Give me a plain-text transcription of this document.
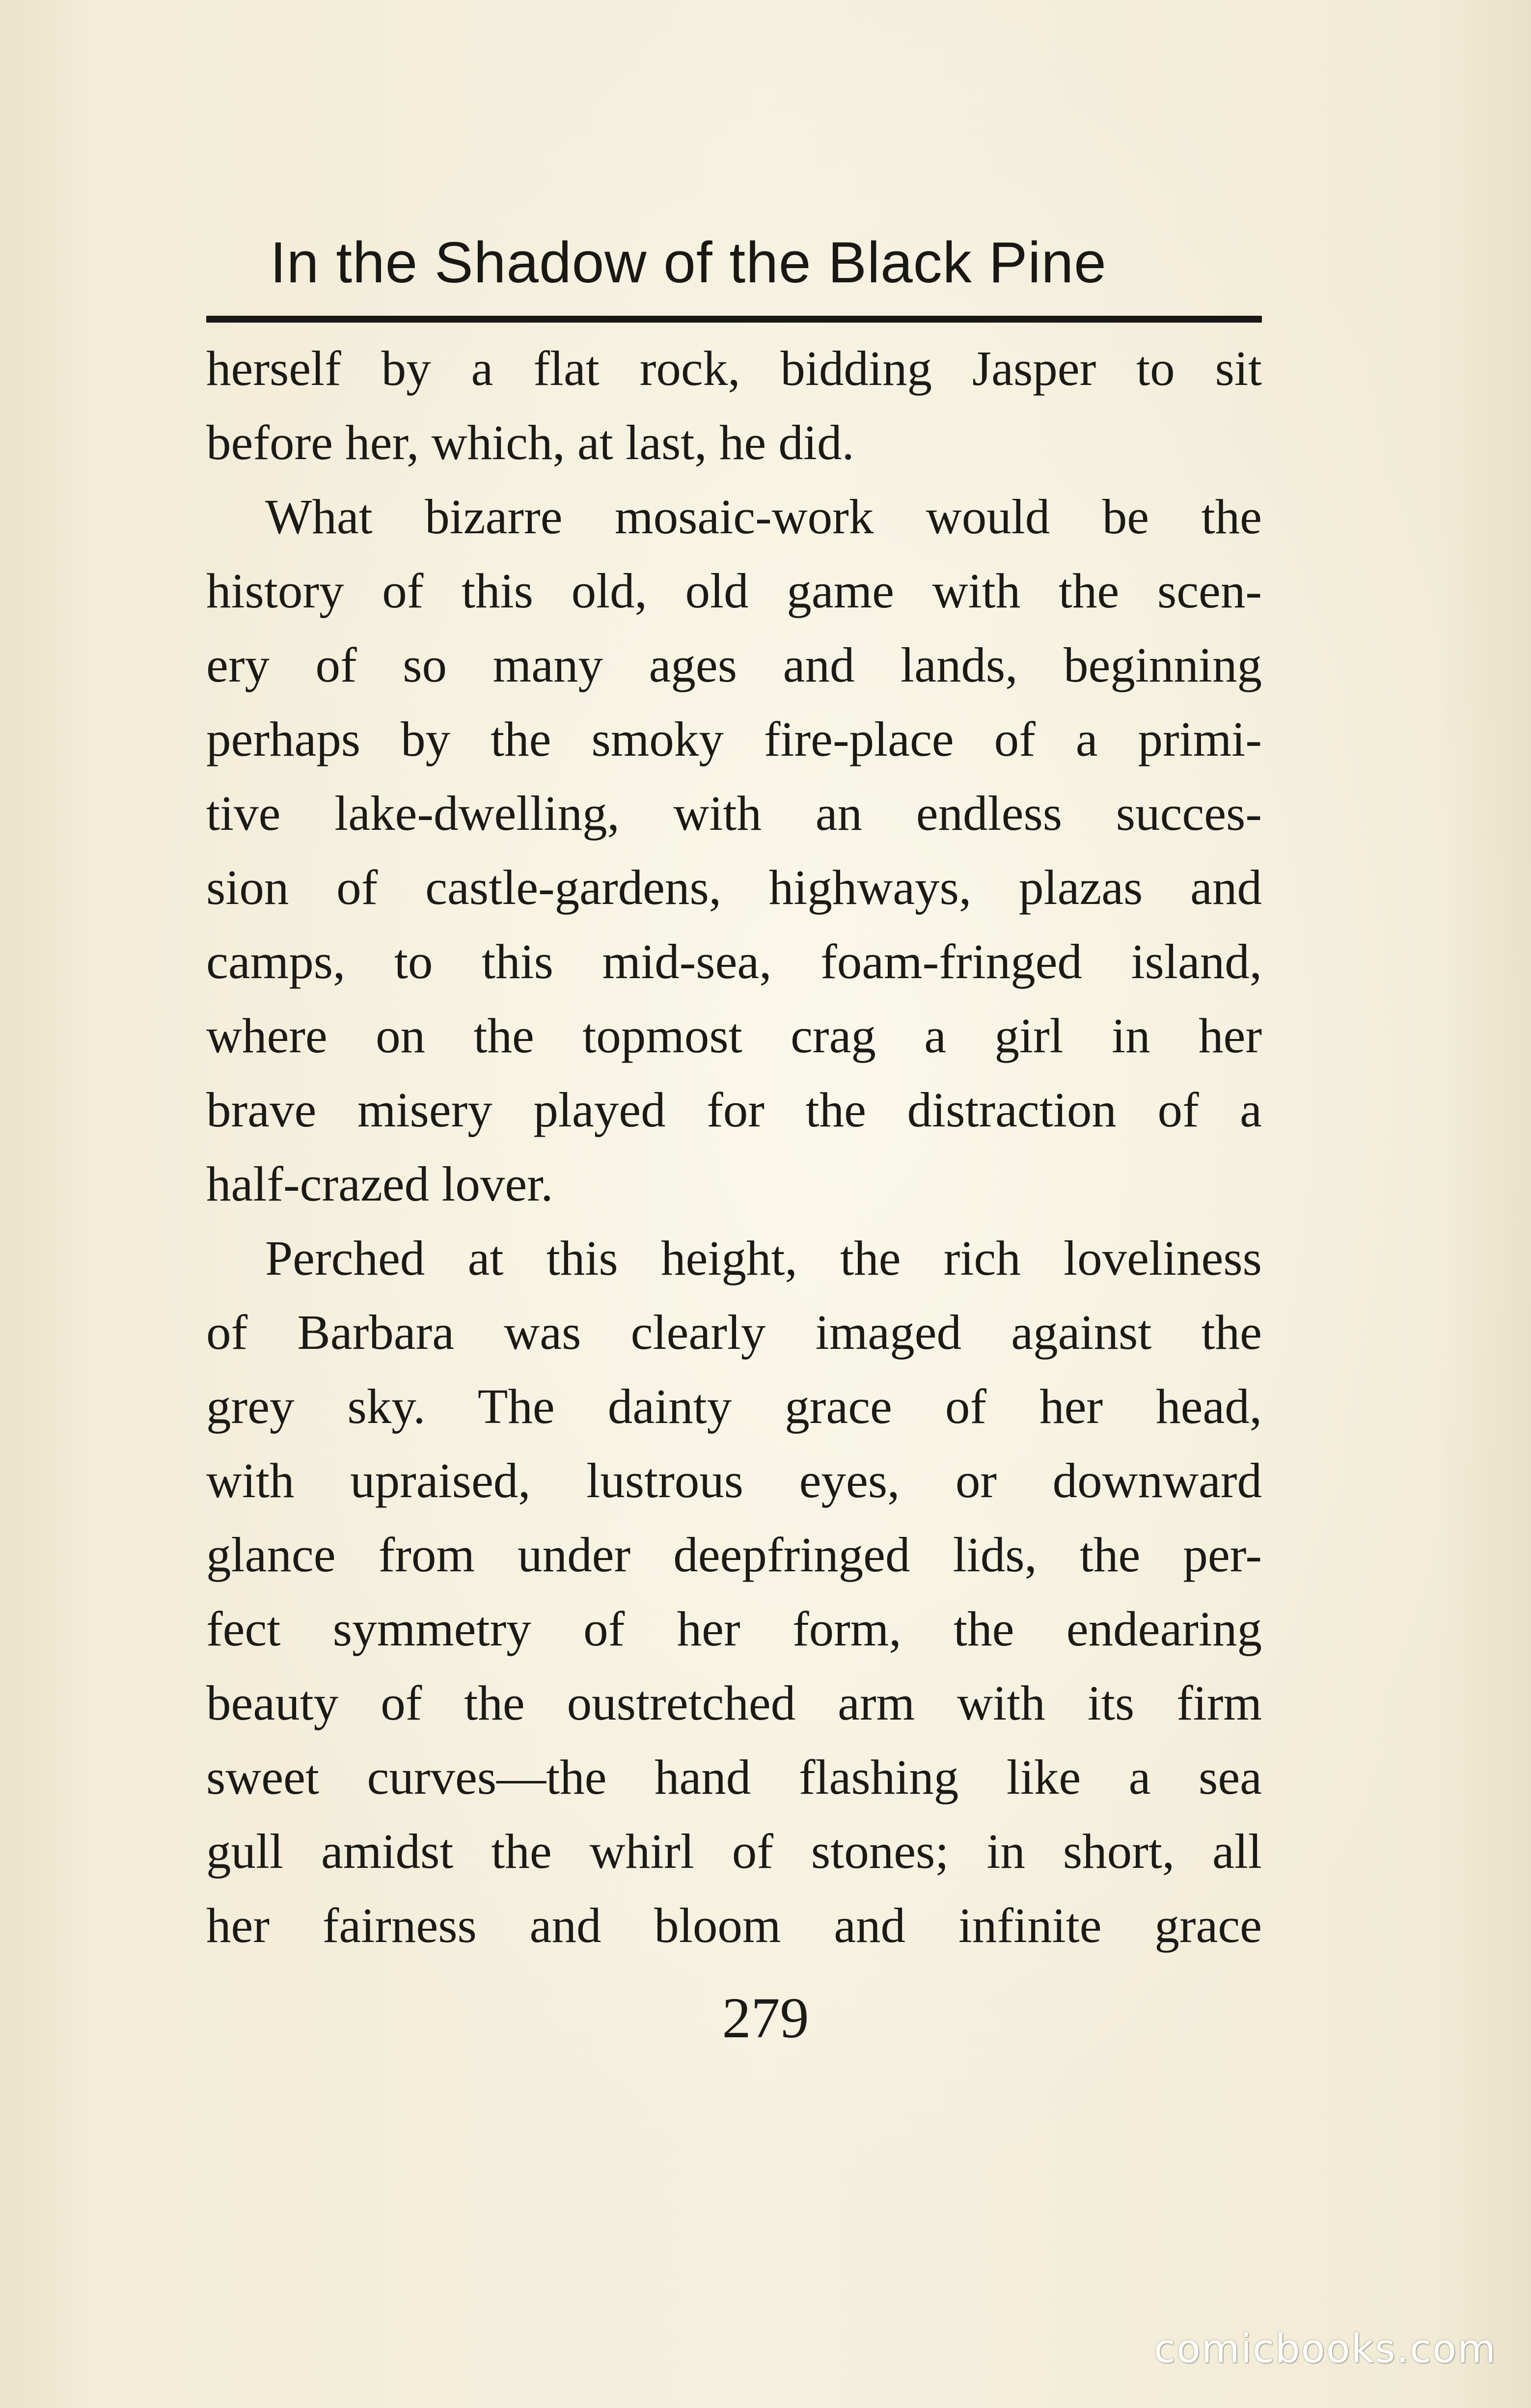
In the Shadow of the Black Pine
herself by a flat rock, bidding Jasper to sit
before her, which, at last, he did.
What bizarre mosaic-work would be the
history of this old, old game with the scen-
ery of so many ages and lands, beginning
perhaps by the smoky fire-place of a primi-
tive lake-dwelling, with an endless succes-
sion of castle-gardens, highways, plazas and
camps, to this mid-sea, foam-fringed island,
where on the topmost crag a girl in her
brave misery played for the distraction of a
half-crazed lover.
Perched at this height, the rich loveliness
of Barbara was clearly imaged against the
grey sky. The dainty grace of her head,
with upraised, lustrous eyes, or downward
glance from under deepfringed lids, the per-
fect symmetry of her form, the endearing
beauty of the oustretched arm with its firm
sweet curves—the hand flashing like a sea
gull amidst the whirl of stones; in short, all
her fairness and bloom and infinite grace
279
comicbooks.com
